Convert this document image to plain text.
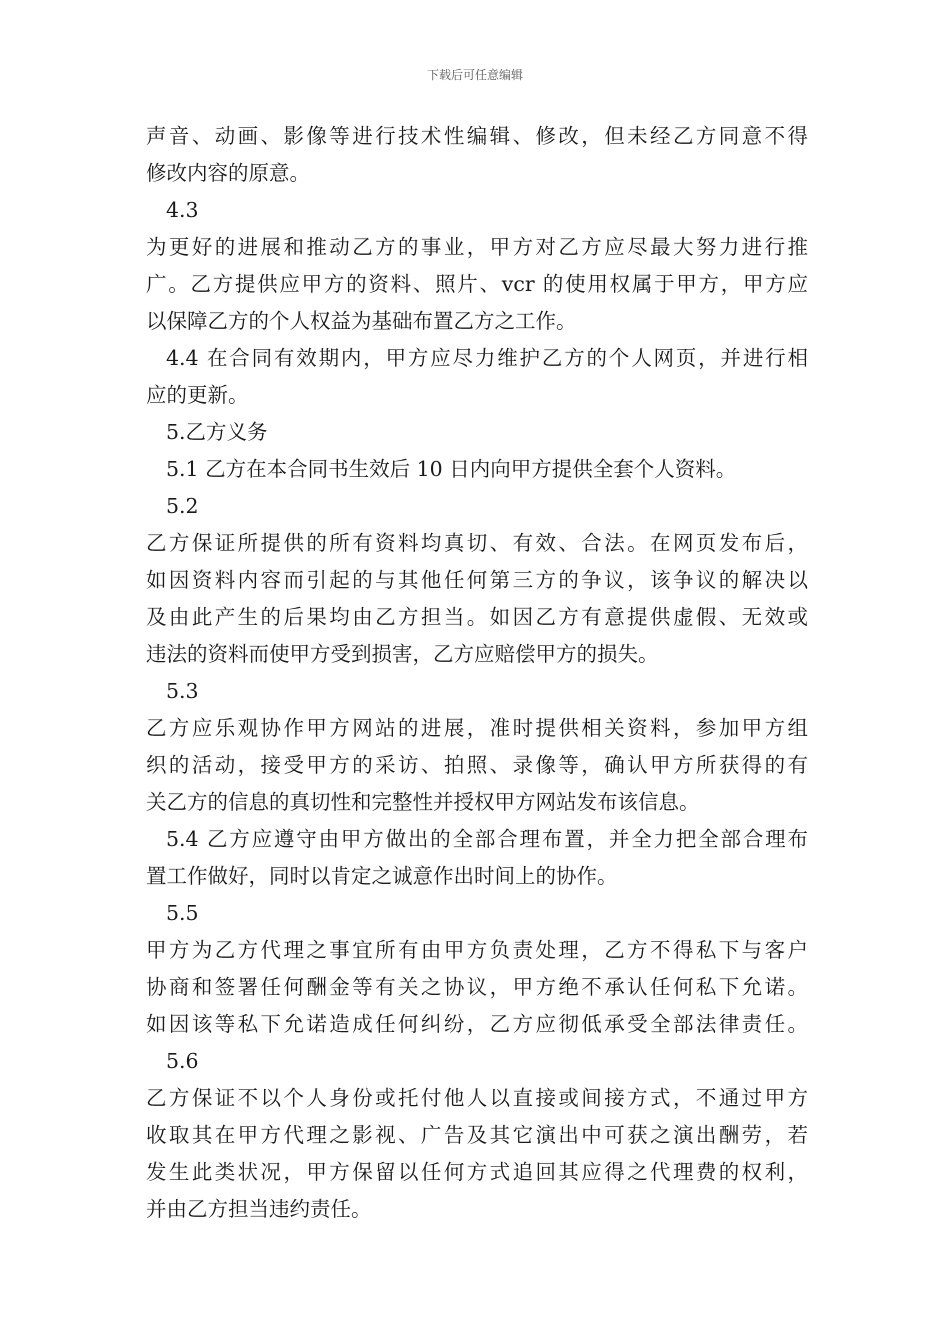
下载后可任意编辑
声音、动画、影像等进行技术性编辑、修改，但未经乙方同意不得
修改内容的原意。
4.3
为更好的进展和推动乙方的事业，甲方对乙方应尽最大努力进行推
广。乙方提供应甲方的资料、照片、vcr 的使用权属于甲方，甲方应
以保障乙方的个人权益为基础布置乙方之工作。
4.4 在合同有效期内，甲方应尽力维护乙方的个人网页，并进行相
应的更新。
5.乙方义务
5.1 乙方在本合同书生效后 10 日内向甲方提供全套个人资料。
5.2
乙方保证所提供的所有资料均真切、有效、合法。在网页发布后，
如因资料内容而引起的与其他任何第三方的争议，该争议的解决以
及由此产生的后果均由乙方担当。如因乙方有意提供虚假、无效或
违法的资料而使甲方受到损害，乙方应赔偿甲方的损失。
5.3
乙方应乐观协作甲方网站的进展，准时提供相关资料，参加甲方组
织的活动，接受甲方的采访、拍照、录像等，确认甲方所获得的有
关乙方的信息的真切性和完整性并授权甲方网站发布该信息。
5.4 乙方应遵守由甲方做出的全部合理布置，并全力把全部合理布
置工作做好，同时以肯定之诚意作出时间上的协作。
5.5
甲方为乙方代理之事宜所有由甲方负责处理，乙方不得私下与客户
协商和签署任何酬金等有关之协议，甲方绝不承认任何私下允诺。
如因该等私下允诺造成任何纠纷，乙方应彻低承受全部法律责任。
5.6
乙方保证不以个人身份或托付他人以直接或间接方式，不通过甲方
收取其在甲方代理之影视、广告及其它演出中可获之演出酬劳，若
发生此类状况，甲方保留以任何方式追回其应得之代理费的权利，
并由乙方担当违约责任。
